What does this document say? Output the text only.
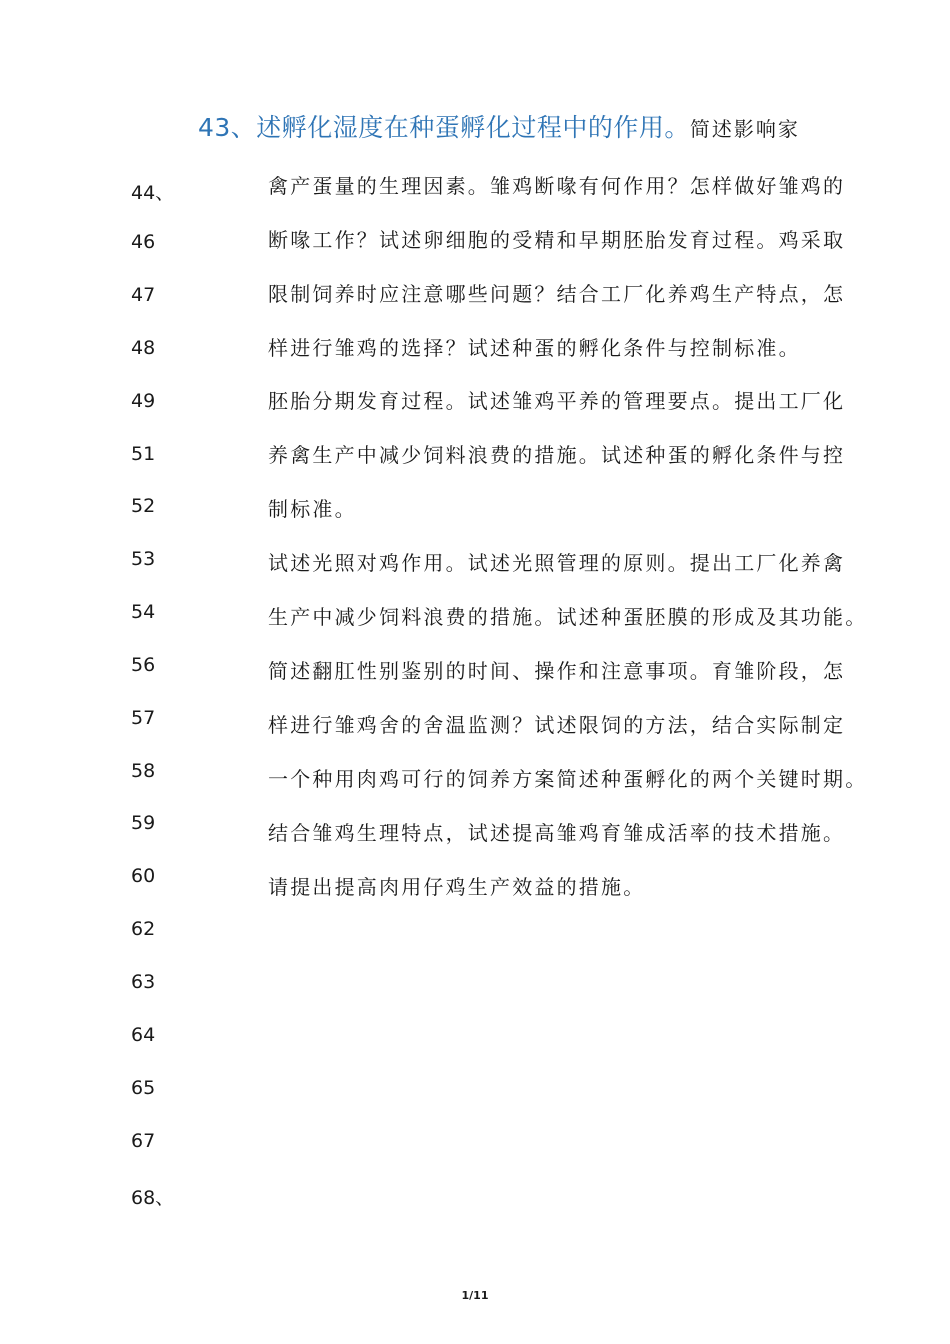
43、述孵化湿度在种蛋孵化过程中的作用。简述影响家
44、
46
47
48
49
51
52
53
54
56
57
58
59
60
62
63
64
65
67
68、
禽产蛋量的生理因素。雏鸡断喙有何作用？怎样做好雏鸡的
断喙工作？试述卵细胞的受精和早期胚胎发育过程。鸡采取
限制饲养时应注意哪些问题？结合工厂化养鸡生产特点，怎
样进行雏鸡的选择？试述种蛋的孵化条件与控制标准。
胚胎分期发育过程。试述雏鸡平养的管理要点。提出工厂化
养禽生产中减少饲料浪费的措施。试述种蛋的孵化条件与控
制标准。
试述光照对鸡作用。试述光照管理的原则。提出工厂化养禽
生产中减少饲料浪费的措施。试述种蛋胚膜的形成及其功能。
简述翻肛性别鉴别的时间、操作和注意事项。育雏阶段，怎
样进行雏鸡舍的舍温监测？试述限饲的方法，结合实际制定
一个种用肉鸡可行的饲养方案简述种蛋孵化的两个关键时期。
结合雏鸡生理特点，试述提高雏鸡育雏成活率的技术措施。
请提出提高肉用仔鸡生产效益的措施。
1/11
